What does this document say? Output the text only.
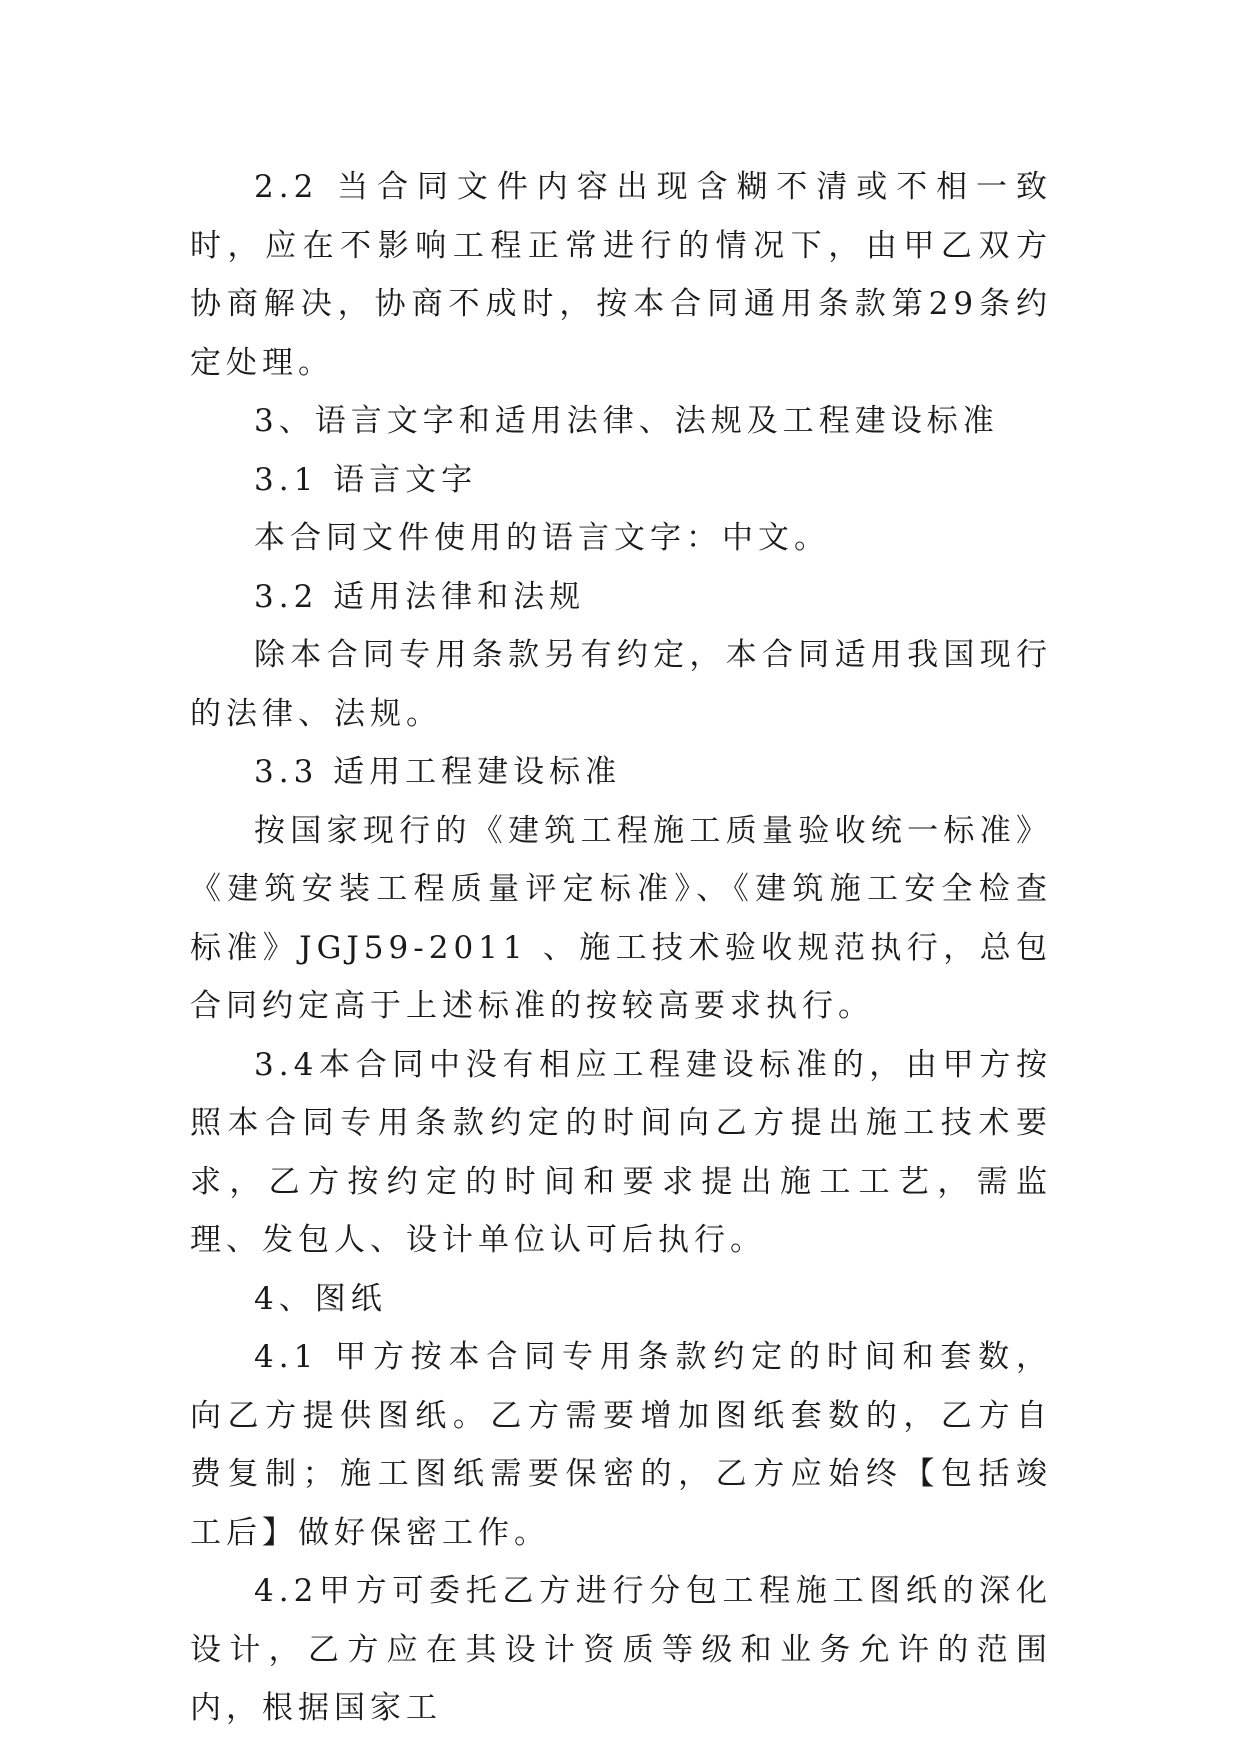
2.2 当合同文件内容出现含糊不清或不相一致时，应在不影响工程正常进行的情况下，由甲乙双方协商解决，协商不成时，按本合同通用条款第29条约定处理。

3、语言文字和适用法律、法规及工程建设标准

3.1 语言文字

本合同文件使用的语言文字：中文。

3.2 适用法律和法规

除本合同专用条款另有约定，本合同适用我国现行的法律、法规。

3.3 适用工程建设标准

按国家现行的《建筑工程施工质量验收统一标准》《建筑安装工程质量评定标准》、《建筑施工安全检查标准》JGJ59-2011 、施工技术验收规范执行，总包合同约定高于上述标准的按较高要求执行。

3.4本合同中没有相应工程建设标准的，由甲方按照本合同专用条款约定的时间向乙方提出施工技术要求，乙方按约定的时间和要求提出施工工艺，需监理、发包人、设计单位认可后执行。

4、图纸

4.1 甲方按本合同专用条款约定的时间和套数，向乙方提供图纸。乙方需要增加图纸套数的，乙方自费复制；施工图纸需要保密的，乙方应始终【包括竣工后】做好保密工作。

4.2甲方可委托乙方进行分包工程施工图纸的深化设计，乙方应在其设计资质等级和业务允许的范围内，根据国家工
